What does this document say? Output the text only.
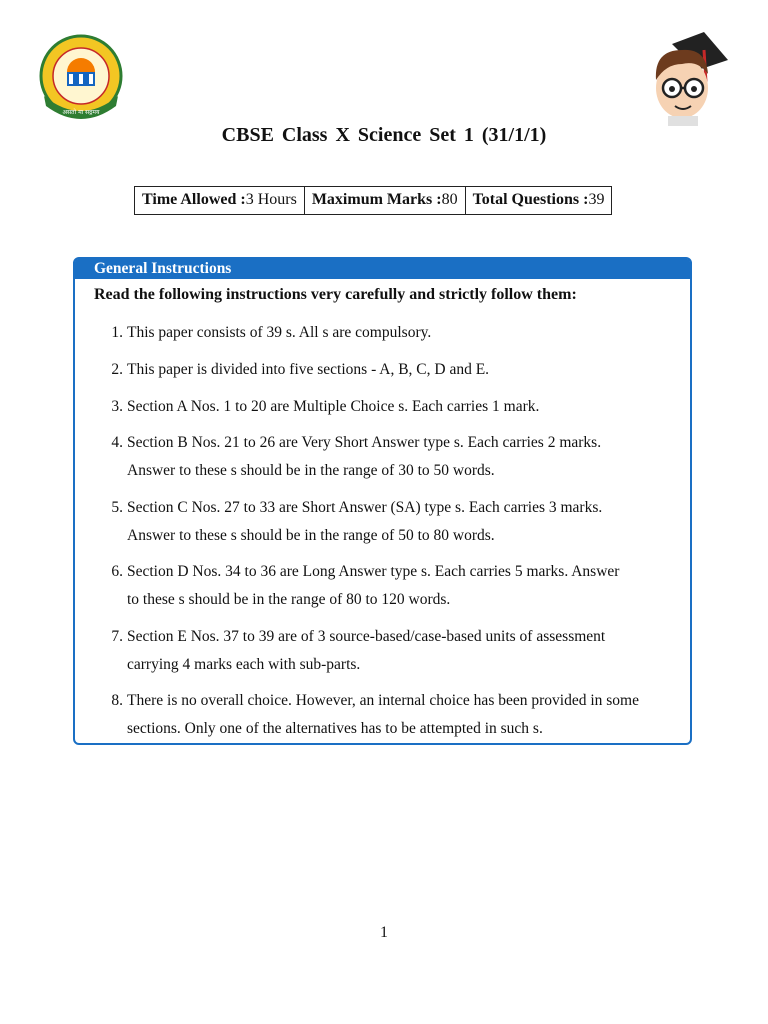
असतो मा सद्गमय
CBSE Class X Science Set 1 (31/1/1)
Time Allowed :3 Hours	Maximum Marks :80	Total Questions :39
General Instructions
Read the following instructions very carefully and strictly follow them:
1. This paper consists of 39 s. All s are compulsory.
2. This paper is divided into five sections - A, B, C, D and E.
3. Section A Nos. 1 to 20 are Multiple Choice s. Each carries 1 mark.
4. Section B Nos. 21 to 26 are Very Short Answer type s. Each carries 2 marks.
Answer to these s should be in the range of 30 to 50 words.
5. Section C Nos. 27 to 33 are Short Answer (SA) type s. Each carries 3 marks.
Answer to these s should be in the range of 50 to 80 words.
6. Section D Nos. 34 to 36 are Long Answer type s. Each carries 5 marks. Answer
to these s should be in the range of 80 to 120 words.
7. Section E Nos. 37 to 39 are of 3 source-based/case-based units of assessment
carrying 4 marks each with sub-parts.
8. There is no overall choice. However, an internal choice has been provided in some
sections. Only one of the alternatives has to be attempted in such s.
1
